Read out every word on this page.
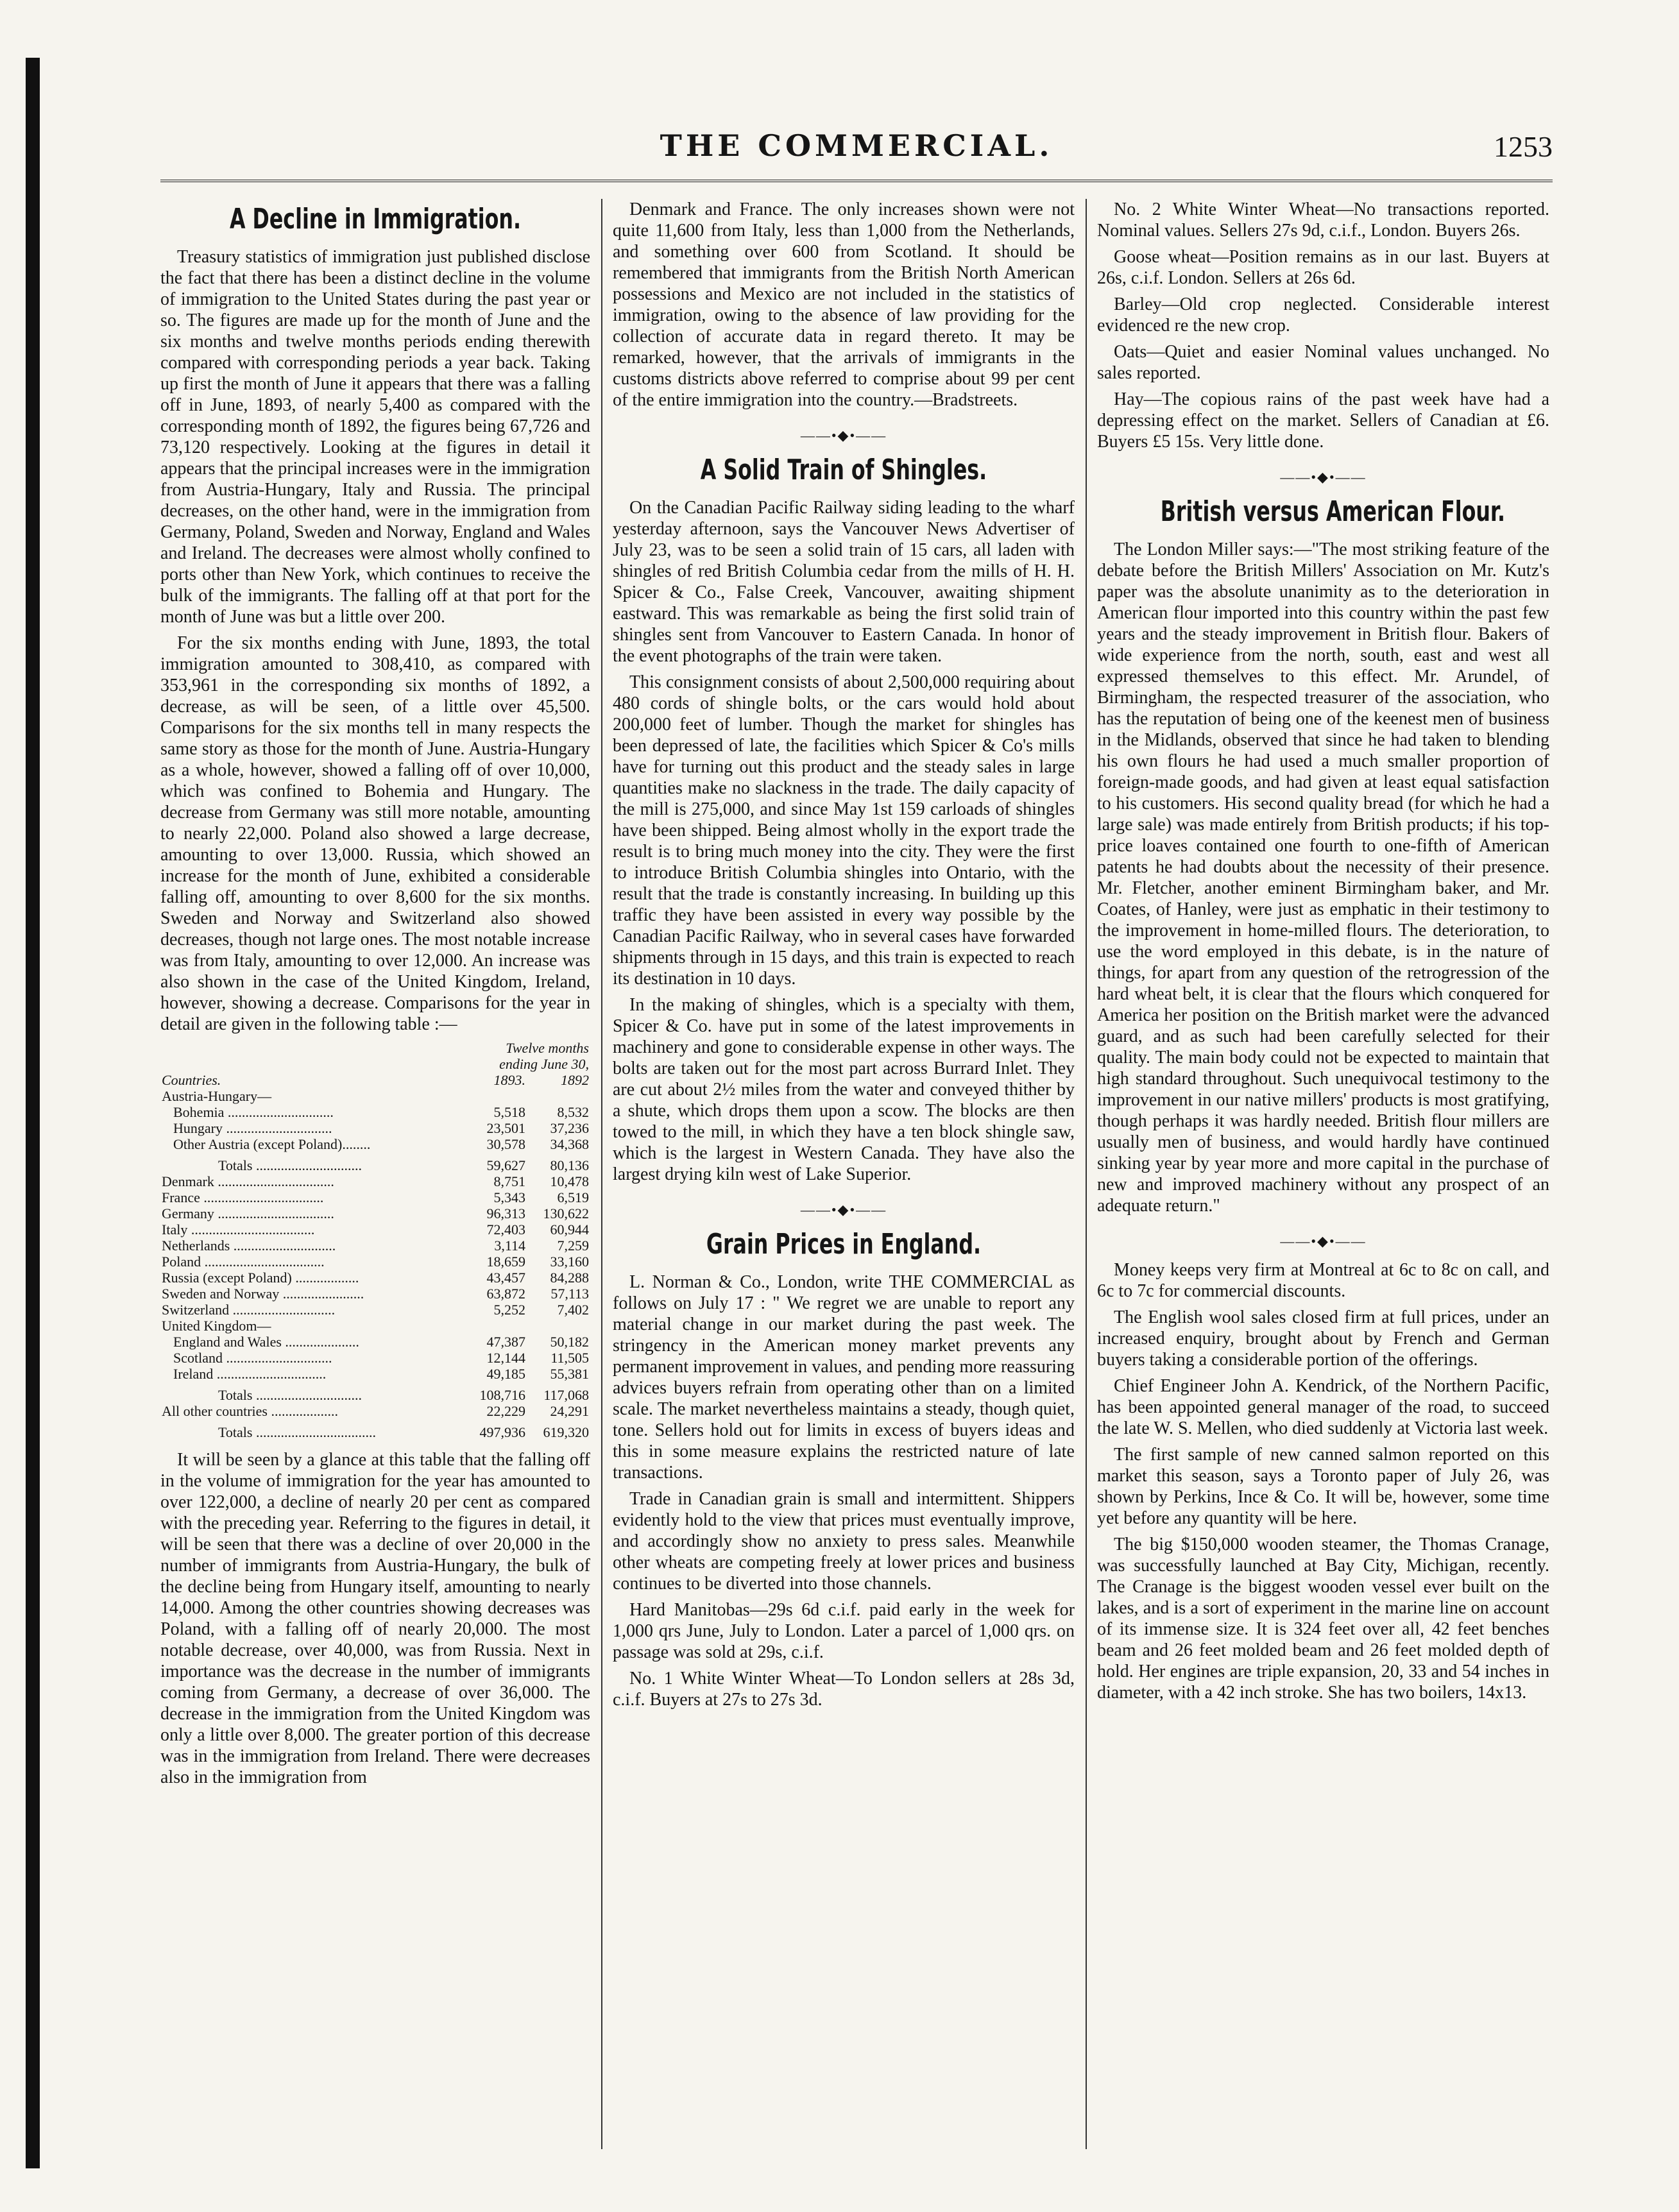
THE COMMERCIAL.	1253
A Decline in Immigration.

Treasury statistics of immigration just published disclose the fact that there has been a distinct decline in the volume of immigration to the United States during the past year or so. The figures are made up for the month of June and the six months and twelve months periods ending therewith compared with corresponding periods a year back. Taking up first the month of June it appears that there was a falling off in June, 1893, of nearly 5,400 as compared with the corresponding month of 1892, the figures being 67,726 and 73,120 respectively. Looking at the figures in detail it appears that the principal increases were in the immigration from Austria-Hungary, Italy and Russia. The principal decreases, on the other hand, were in the immigration from Germany, Poland, Sweden and Norway, England and Wales and Ireland. The decreases were almost wholly confined to ports other than New York, which continues to receive the bulk of the immigrants. The falling off at that port for the month of June was but a little over 200.

For the six months ending with June, 1893, the total immigration amounted to 308,410, as compared with 353,961 in the corresponding six months of 1892, a decrease, as will be seen, of a little over 45,500. Comparisons for the six months tell in many respects the same story as those for the month of June. Austria-Hungary as a whole, however, showed a falling off of over 10,000, which was confined to Bohemia and Hungary. The decrease from Germany was still more notable, amounting to nearly 22,000. Poland also showed a large decrease, amounting to over 13,000. Russia, which showed an increase for the month of June, exhibited a considerable falling off, amounting to over 8,600 for the six months. Sweden and Norway and Switzerland also showed decreases, though not large ones. The most notable increase was from Italy, amounting to over 12,000. An increase was also shown in the case of the United Kingdom, Ireland, however, showing a decrease. Comparisons for the year in detail are given in the following table :—

	Twelve months	
	ending June 30,	
Countries.	1893.	1892
Austria-Hungary—		
Bohemia ..............................	5,518	8,532
Hungary ..............................	23,501	37,236
Other Austria (except Poland)........	30,578	34,368
Totals ..............................	59,627	80,136
Denmark .................................	8,751	10,478
France ..................................	5,343	6,519
Germany .................................	96,313	130,622
Italy ...................................	72,403	60,944
Netherlands .............................	3,114	7,259
Poland ..................................	18,659	33,160
Russia (except Poland) ..................	43,457	84,288
Sweden and Norway .......................	63,872	57,113
Switzerland .............................	5,252	7,402
United Kingdom—		
England and Wales .....................	47,387	50,182
Scotland ..............................	12,144	11,505
Ireland ...............................	49,185	55,381
Totals ..............................	108,716	117,068
All other countries ...................	22,229	24,291
Totals ..................................	497,936	619,320

It will be seen by a glance at this table that the falling off in the volume of immigration for the year has amounted to over 122,000, a decline of nearly 20 per cent as compared with the preceding year. Referring to the figures in detail, it will be seen that there was a decline of over 20,000 in the number of immigrants from Austria-Hungary, the bulk of the decline being from Hungary itself, amounting to nearly 14,000. Among the other countries showing decreases was Poland, with a falling off of nearly 20,000. The most notable decrease, over 40,000, was from Russia. Next in importance was the decrease in the number of immigrants coming from Germany, a decrease of over 36,000. The decrease in the immigration from the United Kingdom was only a little over 8,000. The greater portion of this decrease was in the immigration from Ireland. There were decreases also in the immigration from

Denmark and France. The only increases shown were not quite 11,600 from Italy, less than 1,000 from the Netherlands, and something over 600 from Scotland. It should be remembered that immigrants from the British North American possessions and Mexico are not included in the statistics of immigration, owing to the absence of law providing for the collection of accurate data in regard thereto. It may be remarked, however, that the arrivals of immigrants in the customs districts above referred to comprise about 99 per cent of the entire immigration into the country.—Bradstreets.

——•◆•——
A Solid Train of Shingles.

On the Canadian Pacific Railway siding leading to the wharf yesterday afternoon, says the Vancouver News Advertiser of July 23, was to be seen a solid train of 15 cars, all laden with shingles of red British Columbia cedar from the mills of H. H. Spicer & Co., False Creek, Vancouver, awaiting shipment eastward. This was remarkable as being the first solid train of shingles sent from Vancouver to Eastern Canada. In honor of the event photographs of the train were taken.

This consignment consists of about 2,500,000 requiring about 480 cords of shingle bolts, or the cars would hold about 200,000 feet of lumber. Though the market for shingles has been depressed of late, the facilities which Spicer & Co's mills have for turning out this product and the steady sales in large quantities make no slackness in the trade. The daily capacity of the mill is 275,000, and since May 1st 159 carloads of shingles have been shipped. Being almost wholly in the export trade the result is to bring much money into the city. They were the first to introduce British Columbia shingles into Ontario, with the result that the trade is constantly increasing. In building up this traffic they have been assisted in every way possible by the Canadian Pacific Railway, who in several cases have forwarded shipments through in 15 days, and this train is expected to reach its destination in 10 days.

In the making of shingles, which is a specialty with them, Spicer & Co. have put in some of the latest improvements in machinery and gone to considerable expense in other ways. The bolts are taken out for the most part across Burrard Inlet. They are cut about 2½ miles from the water and conveyed thither by a shute, which drops them upon a scow. The blocks are then towed to the mill, in which they have a ten block shingle saw, which is the largest in Western Canada. They have also the largest drying kiln west of Lake Superior.

——•◆•——
Grain Prices in England.

L. Norman & Co., London, write THE COMMERCIAL as follows on July 17 : " We regret we are unable to report any material change in our market during the past week. The stringency in the American money market prevents any permanent improvement in values, and pending more reassuring advices buyers refrain from operating other than on a limited scale. The market nevertheless maintains a steady, though quiet, tone. Sellers hold out for limits in excess of buyers ideas and this in some measure explains the restricted nature of late transactions.

Trade in Canadian grain is small and intermittent. Shippers evidently hold to the view that prices must eventually improve, and accordingly show no anxiety to press sales. Meanwhile other wheats are competing freely at lower prices and business continues to be diverted into those channels.

Hard Manitobas—29s 6d c.i.f. paid early in the week for 1,000 qrs June, July to London. Later a parcel of 1,000 qrs. on passage was sold at 29s, c.i.f.

No. 1 White Winter Wheat—To London sellers at 28s 3d, c.i.f. Buyers at 27s to 27s 3d.

No. 2 White Winter Wheat—No transactions reported. Nominal values. Sellers 27s 9d, c.i.f., London. Buyers 26s.

Goose wheat—Position remains as in our last. Buyers at 26s, c.i.f. London. Sellers at 26s 6d.

Barley—Old crop neglected. Considerable interest evidenced re the new crop.

Oats—Quiet and easier Nominal values unchanged. No sales reported.

Hay—The copious rains of the past week have had a depressing effect on the market. Sellers of Canadian at £6. Buyers £5 15s. Very little done.

——•◆•——
British versus American Flour.

The London Miller says:—"The most striking feature of the debate before the British Millers' Association on Mr. Kutz's paper was the absolute unanimity as to the deterioration in American flour imported into this country within the past few years and the steady improvement in British flour. Bakers of wide experience from the north, south, east and west all expressed themselves to this effect. Mr. Arundel, of Birmingham, the respected treasurer of the association, who has the reputation of being one of the keenest men of business in the Midlands, observed that since he had taken to blending his own flours he had used a much smaller proportion of foreign-made goods, and had given at least equal satisfaction to his customers. His second quality bread (for which he had a large sale) was made entirely from British products; if his top-price loaves contained one fourth to one-fifth of American patents he had doubts about the necessity of their presence. Mr. Fletcher, another eminent Birmingham baker, and Mr. Coates, of Hanley, were just as emphatic in their testimony to the improvement in home-milled flours. The deterioration, to use the word employed in this debate, is in the nature of things, for apart from any question of the retrogression of the hard wheat belt, it is clear that the flours which conquered for America her position on the British market were the advanced guard, and as such had been carefully selected for their quality. The main body could not be expected to maintain that high standard throughout. Such unequivocal testimony to the improvement in our native millers' products is most gratifying, though perhaps it was hardly needed. British flour millers are usually men of business, and would hardly have continued sinking year by year more and more capital in the purchase of new and improved machinery without any prospect of an adequate return."

——•◆•——

Money keeps very firm at Montreal at 6c to 8c on call, and 6c to 7c for commercial discounts.

The English wool sales closed firm at full prices, under an increased enquiry, brought about by French and German buyers taking a considerable portion of the offerings.

Chief Engineer John A. Kendrick, of the Northern Pacific, has been appointed general manager of the road, to succeed the late W. S. Mellen, who died suddenly at Victoria last week.

The first sample of new canned salmon reported on this market this season, says a Toronto paper of July 26, was shown by Perkins, Ince & Co. It will be, however, some time yet before any quantity will be here.

The big $150,000 wooden steamer, the Thomas Cranage, was successfully launched at Bay City, Michigan, recently. The Cranage is the biggest wooden vessel ever built on the lakes, and is a sort of experiment in the marine line on account of its immense size. It is 324 feet over all, 42 feet benches beam and 26 feet molded beam and 26 feet molded depth of hold. Her engines are triple expansion, 20, 33 and 54 inches in diameter, with a 42 inch stroke. She has two boilers, 14x13.
